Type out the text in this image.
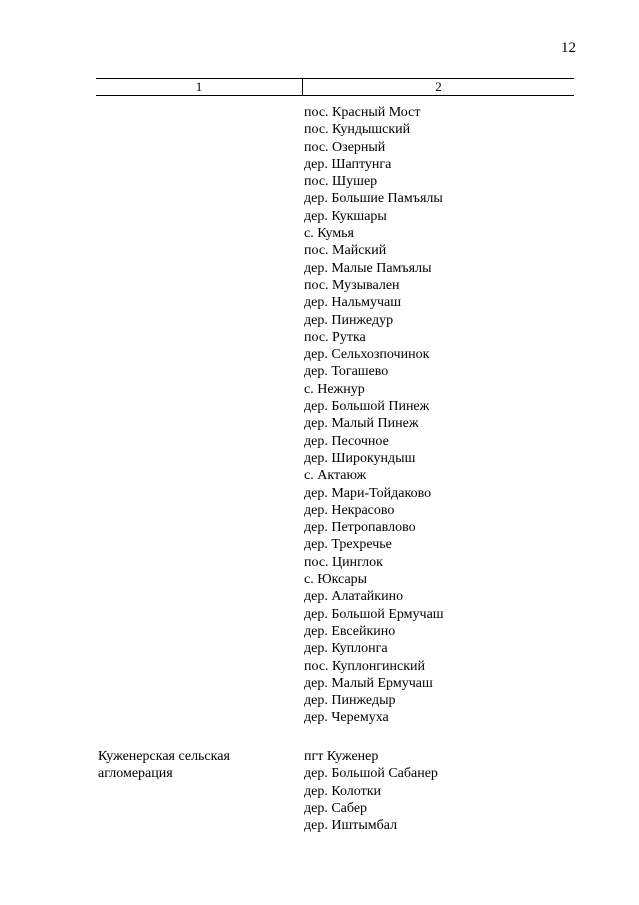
12
1	2
пос. Красный Мост
пос. Кундышский
пос. Озерный
дер. Шаптунга
пос. Шушер
дер. Большие Памъялы
дер. Кукшары
с. Кумья
пос. Майский
дер. Малые Памъялы
пос. Музывален
дер. Нальмучаш
дер. Пинжедур
пос. Рутка
дер. Сельхозпочинок
дер. Тогашево
с. Нежнур
дер. Большой Пинеж
дер. Малый Пинеж
дер. Песочное
дер. Широкундыш
с. Актаюж
дер. Мари-Тойдаково
дер. Некрасово
дер. Петропавлово
дер. Трехречье
пос. Цинглок
с. Юксары
дер. Алатайкино
дер. Большой Ермучаш
дер. Евсейкино
дер. Куплонга
пос. Куплонгинский
дер. Малый Ермучаш
дер. Пинжедыр
дер. Черемуха
Куженерская сельская
агломерация
пгт Куженер
дер. Большой Сабанер
дер. Колотки
дер. Сабер
дер. Иштымбал
